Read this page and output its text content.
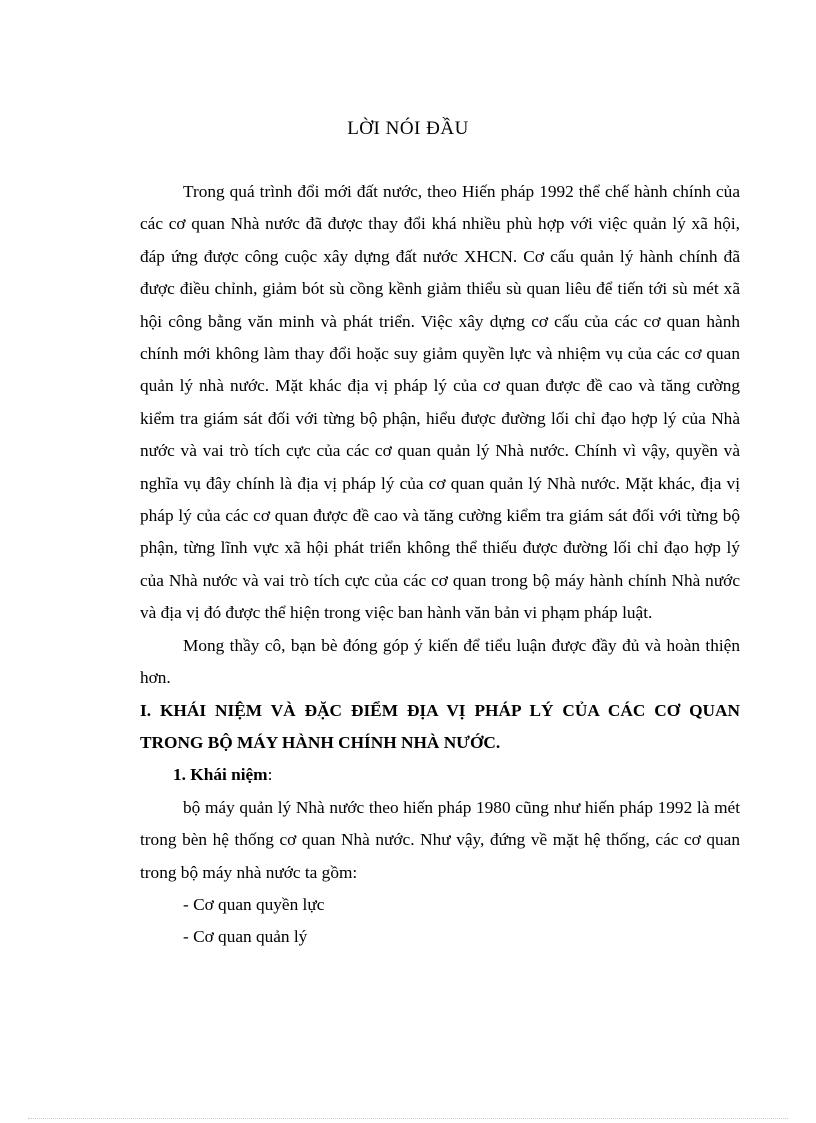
LỜI NÓI ĐẦU

Trong quá trình đổi mới đất nước, theo Hiến pháp 1992 thể chế hành chính của các cơ quan Nhà nước đã được thay đổi khá nhiều phù hợp với việc quản lý xã hội, đáp ứng được công cuộc xây dựng đất nước XHCN. Cơ cấu quản lý hành chính đã được điều chỉnh, giảm bót sù cồng kềnh giảm thiểu sù quan liêu để tiến tới sù mét xã hội công bằng văn minh và phát triển. Việc xây dựng cơ cấu của các cơ quan hành chính mới không làm thay đổi hoặc suy giảm quyền lực và nhiệm vụ của các cơ quan quản lý nhà nước. Mặt khác địa vị pháp lý của cơ quan được đề cao và tăng cường kiểm tra giám sát đối với từng bộ phận, hiểu được đường lối chỉ đạo hợp lý của Nhà nước và vai trò tích cực của các cơ quan quản lý Nhà nước. Chính vì vậy, quyền và nghĩa vụ đây chính là địa vị pháp lý của cơ quan quản lý Nhà nước. Mặt khác, địa vị pháp lý của các cơ quan được đề cao và tăng cường kiểm tra giám sát đối với từng bộ phận, từng lĩnh vực xã hội phát triển không thể thiếu được đường lối chỉ đạo hợp lý của Nhà nước và vai trò tích cực của các cơ quan trong bộ máy hành chính Nhà nước và địa vị đó được thể hiện trong việc ban hành văn bản vi phạm pháp luật.

Mong thầy cô, bạn bè đóng góp ý kiến để tiểu luận được đầy đủ và hoàn thiện hơn.

I. KHÁI NIỆM VÀ ĐẶC ĐIỂM ĐỊA VỊ PHÁP LÝ CỦA CÁC CƠ QUAN TRONG BỘ MÁY HÀNH CHÍNH NHÀ NƯỚC.

1. Khái niệm:

bộ máy quản lý Nhà nước theo hiến pháp 1980 cũng như hiến pháp 1992 là mét trong bèn hệ thống cơ quan Nhà nước. Như vậy, đứng về mặt hệ thống, các cơ quan trong bộ máy nhà nước ta gồm:

- Cơ quan quyền lực

- Cơ quan quản lý
